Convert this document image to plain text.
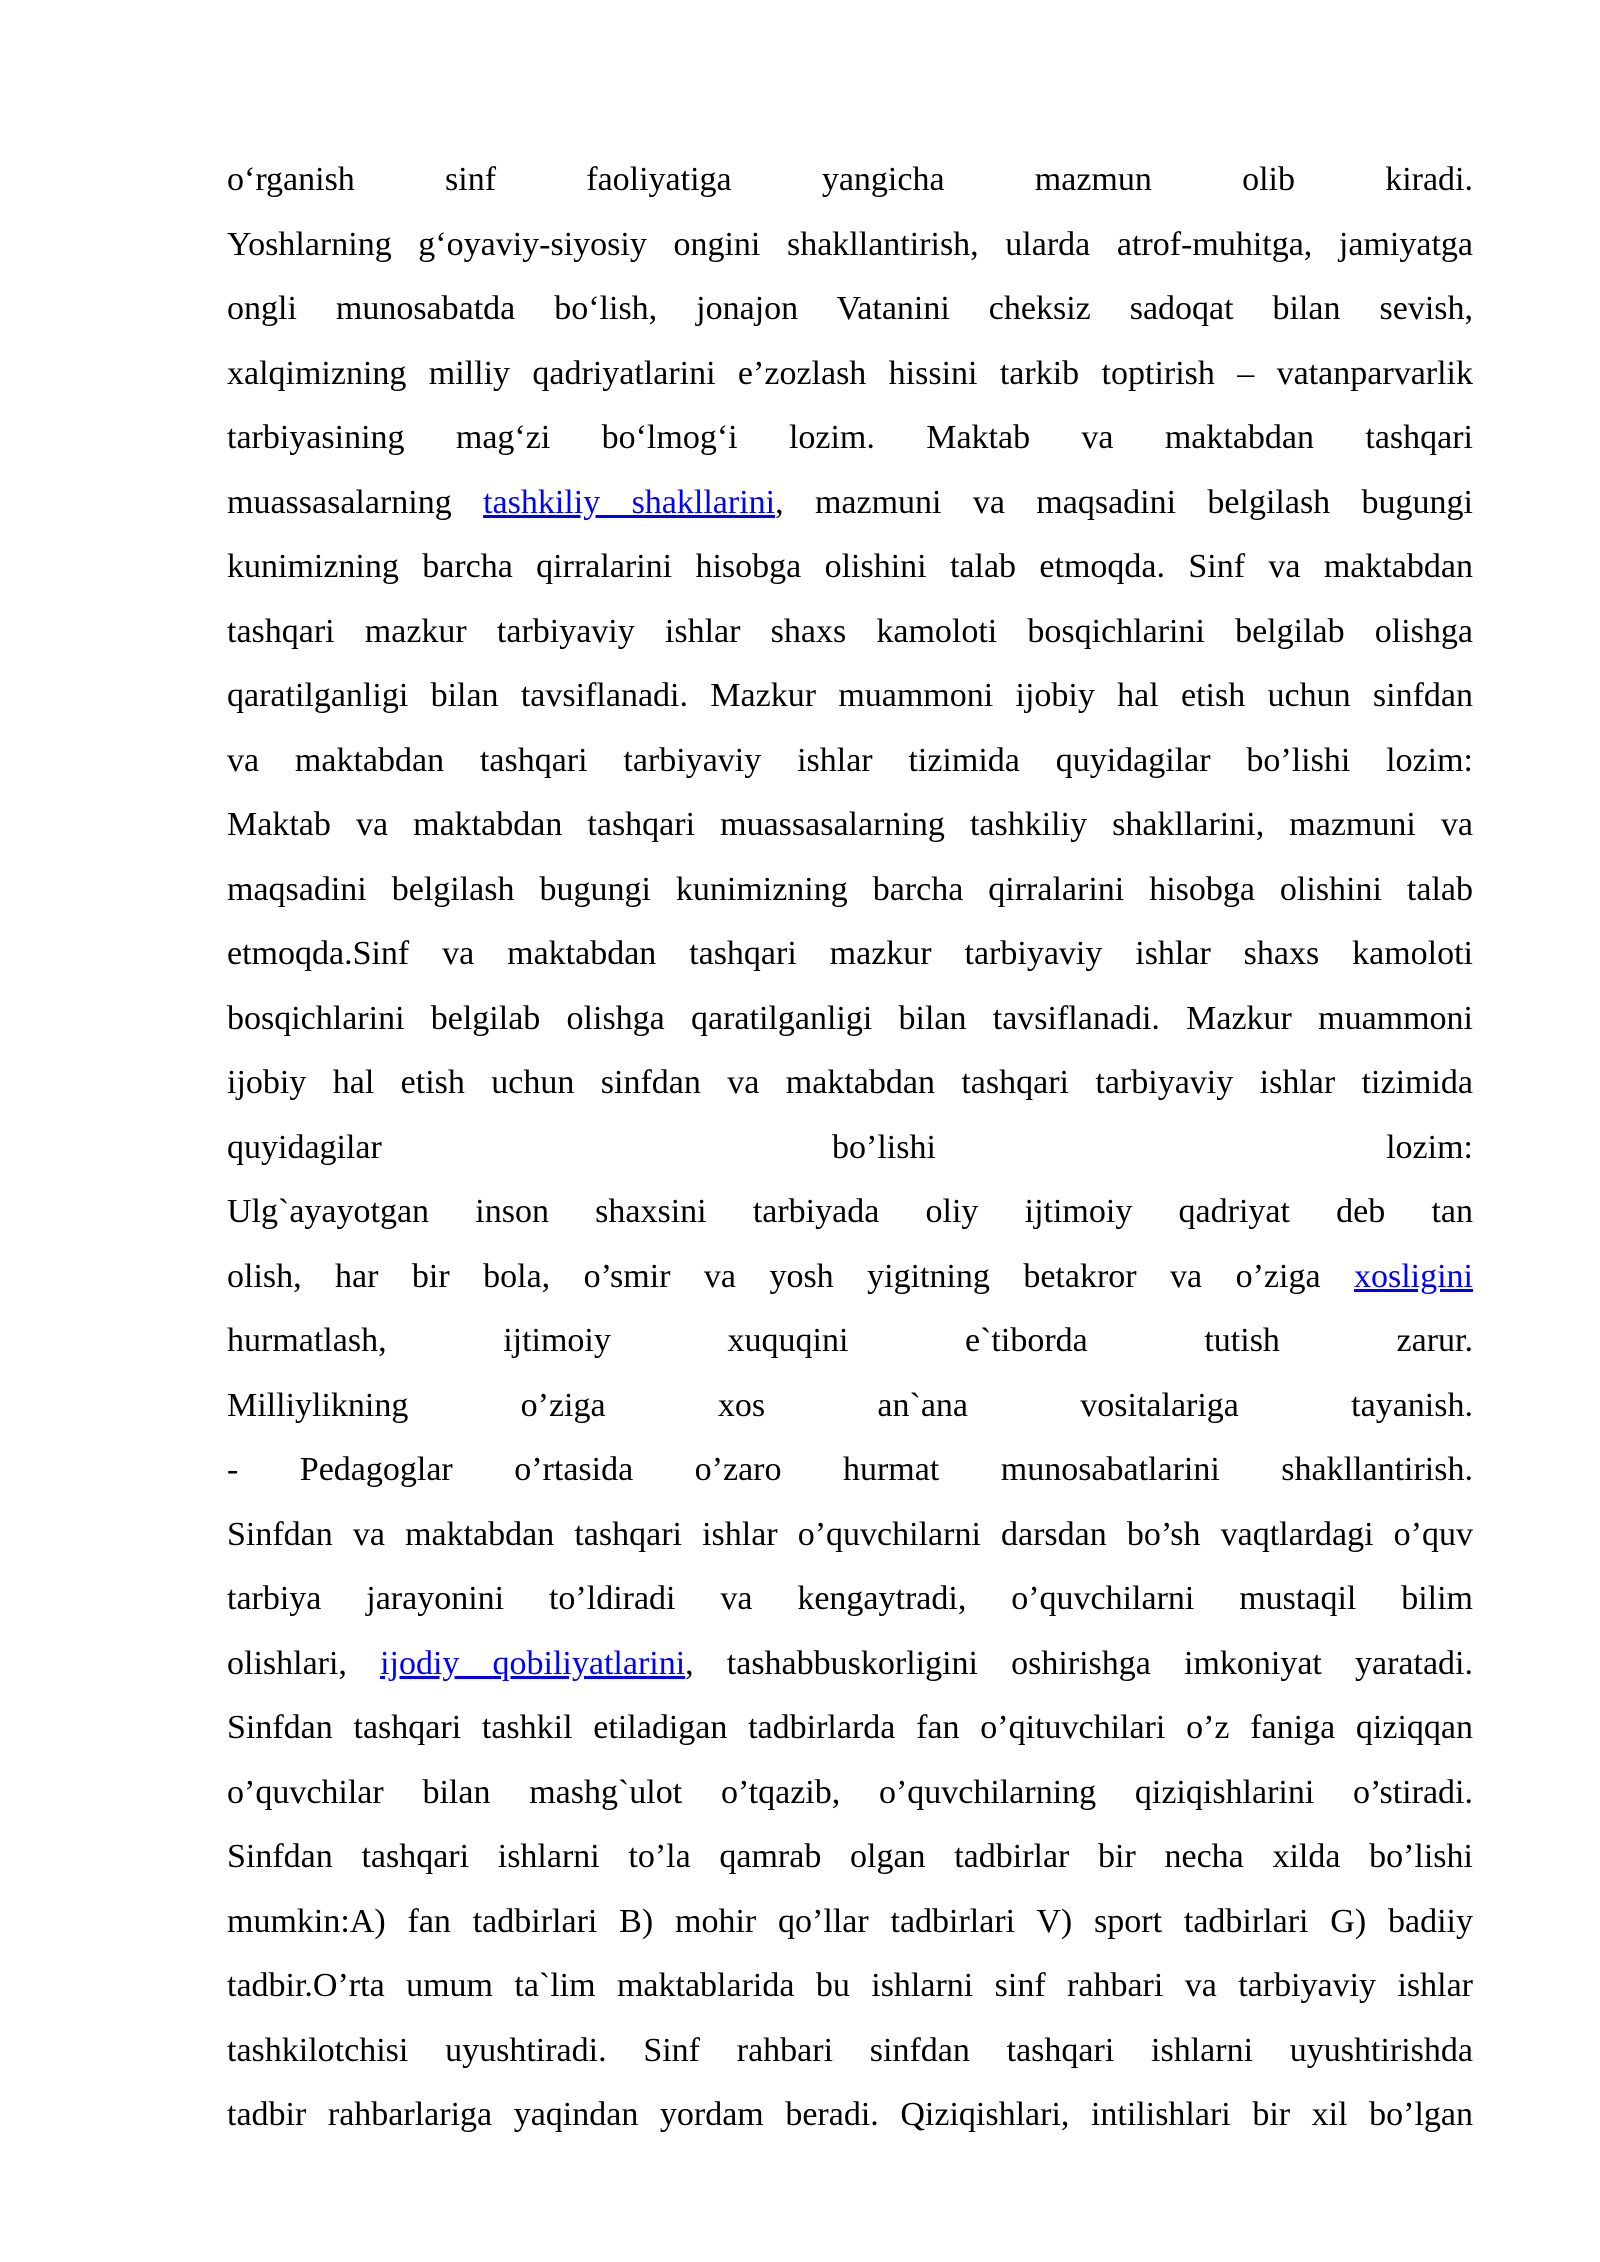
o‘rganish sinf faoliyatiga yangicha mazmun olib kiradi.
Yoshlarning g‘oyaviy-siyosiy ongini shakllantirish, ularda atrof-muhitga, jamiyatga
ongli munosabatda bo‘lish, jonajon Vatanini cheksiz sadoqat bilan sevish,
xalqimizning milliy qadriyatlarini e’zozlash hissini tarkib toptirish – vatanparvarlik
tarbiyasining mag‘zi bo‘lmog‘i lozim. Maktab va maktabdan tashqari
muassasalarning tashkiliy shakllarini, mazmuni va maqsadini belgilash bugungi
kunimizning barcha qirralarini hisobga olishini talab etmoqda. Sinf va maktabdan
tashqari mazkur tarbiyaviy ishlar shaxs kamoloti bosqichlarini belgilab olishga
qaratilganligi bilan tavsiflanadi. Mazkur muammoni ijobiy hal etish uchun sinfdan
va maktabdan tashqari tarbiyaviy ishlar tizimida quyidagilar bo’lishi lozim:
Maktab va maktabdan tashqari muassasalarning tashkiliy shakllarini, mazmuni va
maqsadini belgilash bugungi kunimizning barcha qirralarini hisobga olishini talab
etmoqda.Sinf va maktabdan tashqari mazkur tarbiyaviy ishlar shaxs kamoloti
bosqichlarini belgilab olishga qaratilganligi bilan tavsiflanadi. Mazkur muammoni
ijobiy hal etish uchun sinfdan va maktabdan tashqari tarbiyaviy ishlar tizimida
quyidagilar bo’lishi lozim:
Ulg`ayayotgan inson shaxsini tarbiyada oliy ijtimoiy qadriyat deb tan
olish, har bir bola, o’smir va yosh yigitning betakror va o’ziga xosligini
hurmatlash, ijtimoiy xuquqini e`tiborda tutish zarur.
Milliylikning o’ziga xos an`ana vositalariga tayanish.
- Pedagoglar o’rtasida o’zaro hurmat munosabatlarini shakllantirish.
Sinfdan va maktabdan tashqari ishlar o’quvchilarni darsdan bo’sh vaqtlardagi o’quv
tarbiya jarayonini to’ldiradi va kengaytradi, o’quvchilarni mustaqil bilim
olishlari, ijodiy qobiliyatlarini, tashabbuskorligini oshirishga imkoniyat yaratadi.
Sinfdan tashqari tashkil etiladigan tadbirlarda fan o’qituvchilari o’z faniga qiziqqan
o’quvchilar bilan mashg`ulot o’tqazib, o’quvchilarning qiziqishlarini o’stiradi.
Sinfdan tashqari ishlarni to’la qamrab olgan tadbirlar bir necha xilda bo’lishi
mumkin:A) fan tadbirlari B) mohir qo’llar tadbirlari V) sport tadbirlari G) badiiy
tadbir.O’rta umum ta`lim maktablarida bu ishlarni sinf rahbari va tarbiyaviy ishlar
tashkilotchisi uyushtiradi. Sinf rahbari sinfdan tashqari ishlarni uyushtirishda
tadbir rahbarlariga yaqindan yordam beradi. Qiziqishlari, intilishlari bir xil bo’lgan
